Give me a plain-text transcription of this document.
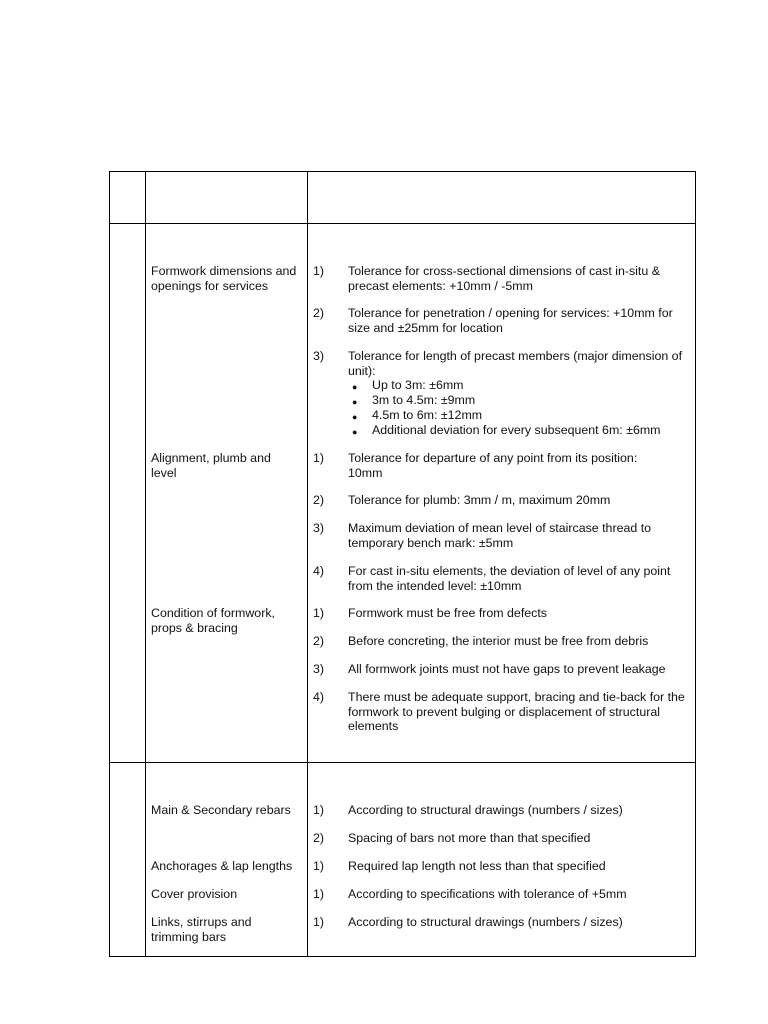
Formwork dimensions and openings for services
1) Tolerance for cross-sectional dimensions of cast in-situ & precast elements: +10mm / -5mm
2) Tolerance for penetration / opening for services: +10mm for size and ±25mm for location
3) Tolerance for length of precast members (major dimension of unit):
● Up to 3m: ±6mm
● 3m to 4.5m: ±9mm
● 4.5m to 6m: ±12mm
● Additional deviation for every subsequent 6m: ±6mm
Alignment, plumb and level
1) Tolerance for departure of any point from its position: 10mm
2) Tolerance for plumb: 3mm / m, maximum 20mm
3) Maximum deviation of mean level of staircase thread to temporary bench mark: ±5mm
4) For cast in-situ elements, the deviation of level of any point from the intended level: ±10mm
Condition of formwork, props & bracing
1) Formwork must be free from defects
2) Before concreting, the interior must be free from debris
3) All formwork joints must not have gaps to prevent leakage
4) There must be adequate support, bracing and tie-back for the formwork to prevent bulging or displacement of structural elements
Main & Secondary rebars	1) According to structural drawings (numbers / sizes)
2) Spacing of bars not more than that specified
Anchorages & lap lengths	1) Required lap length not less than that specified
Cover provision	1) According to specifications with tolerance of +5mm
Links, stirrups and trimming bars
1) According to structural drawings (numbers / sizes)
